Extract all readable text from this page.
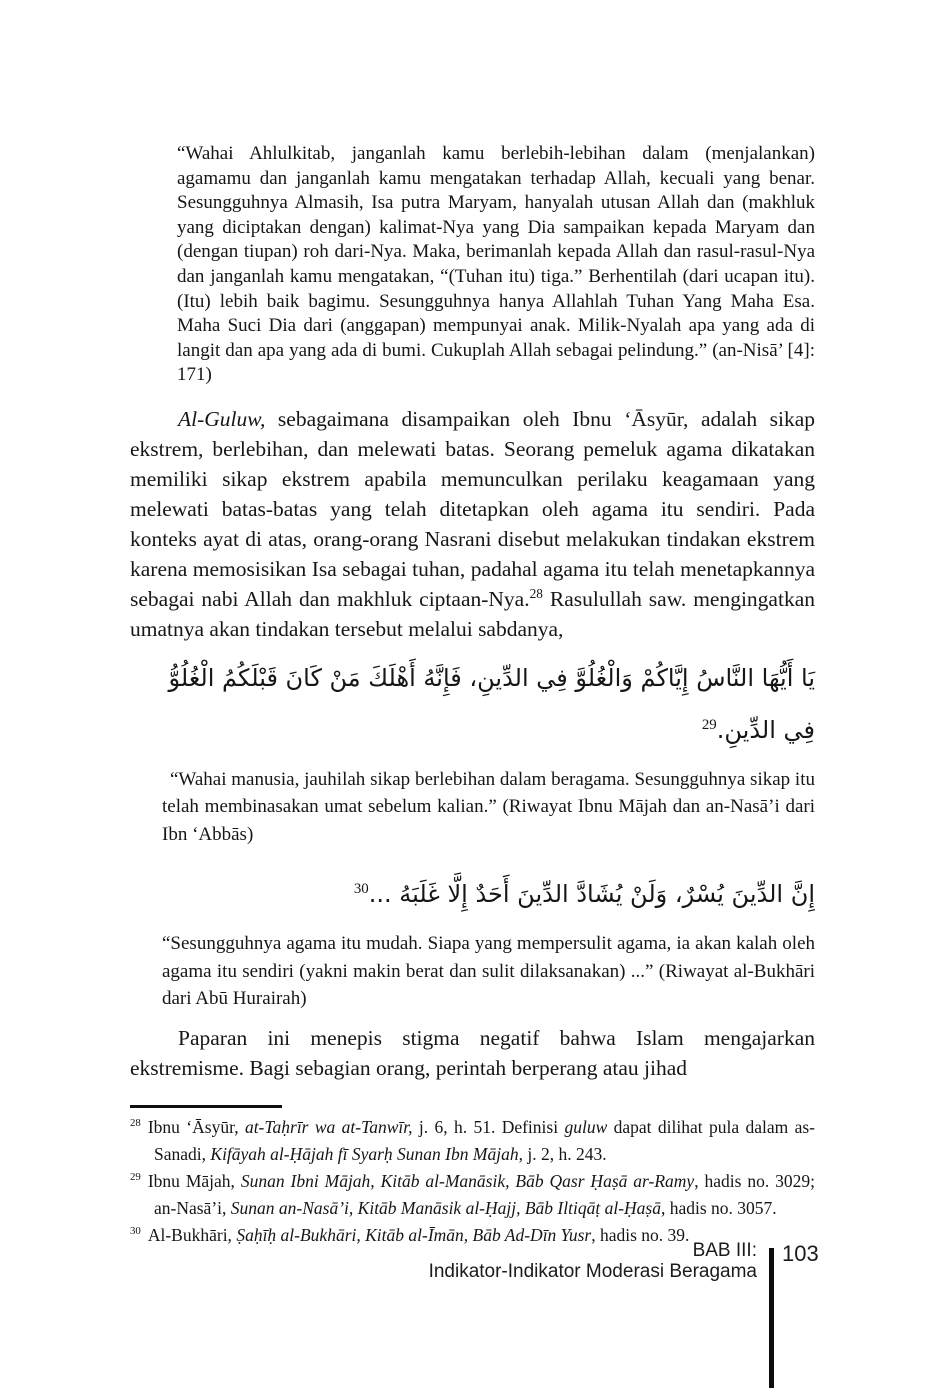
“Wahai Ahlulkitab, janganlah kamu berlebih-lebihan dalam (menjalankan) agamamu dan janganlah kamu mengatakan terhadap Allah, kecuali yang benar. Sesungguhnya Almasih, Isa putra Maryam, hanyalah utusan Allah dan (makhluk yang diciptakan dengan) kalimat-Nya yang Dia sampaikan kepada Maryam dan (dengan tiupan) roh dari-Nya. Maka, berimanlah kepada Allah dan rasul-rasul-Nya dan janganlah kamu mengatakan, “(Tuhan itu) tiga.” Berhentilah (dari ucapan itu). (Itu) lebih baik bagimu. Sesungguhnya hanya Allahlah Tuhan Yang Maha Esa. Maha Suci Dia dari (anggapan) mempunyai anak. Milik-Nyalah apa yang ada di langit dan apa yang ada di bumi. Cukuplah Allah sebagai pelindung.” (an-Nisā’ [4]: 171)

Al-Guluw, sebagaimana disampaikan oleh Ibnu ‘Āsyūr, adalah sikap ekstrem, berlebihan, dan melewati batas. Seorang pemeluk agama dikatakan memiliki sikap ekstrem apabila memunculkan perilaku keagamaan yang melewati batas-batas yang telah ditetapkan oleh agama itu sendiri. Pada konteks ayat di atas, orang-orang Nasrani disebut melakukan tindakan ekstrem karena memosisikan Isa sebagai tuhan, padahal agama itu telah menetapkannya sebagai nabi Allah dan makhluk ciptaan-Nya.$^{28}$ Rasulullah saw. mengingatkan umatnya akan tindakan tersebut melalui sabdanya,

يَا أَيُّهَا النَّاسُ إِيَّاكُمْ وَالْغُلُوَّ فِي الدِّينِ، فَإِنَّهُ أَهْلَكَ مَنْ كَانَ قَبْلَكُمُ الْغُلُوُّ فِي الدِّينِ.$^{29}$

“Wahai manusia, jauhilah sikap berlebihan dalam beragama. Sesungguhnya sikap itu telah membinasakan umat sebelum kalian.” (Riwayat Ibnu Mājah dan an-Nasā’i dari Ibn ‘Abbās)

إِنَّ الدِّينَ يُسْرٌ، وَلَنْ يُشَادَّ الدِّينَ أَحَدٌ إِلَّا غَلَبَهُ ...$^{30}$

“Sesungguhnya agama itu mudah. Siapa yang mempersulit agama, ia akan kalah oleh agama itu sendiri (yakni makin berat dan sulit dilaksanakan) ...” (Riwayat al-Bukhāri dari Abū Hurairah)

Paparan ini menepis stigma negatif bahwa Islam mengajarkan ekstremisme. Bagi sebagian orang, perintah berperang atau jihad

$^{28}$ Ibnu ‘Āsyūr, at-Taḥrīr wa at-Tanwīr, j. 6, h. 51. Definisi guluw dapat dilihat pula dalam as-Sanadi, Kifāyah al-Ḥājah fī Syarḥ Sunan Ibn Mājah, j. 2, h. 243.
$^{29}$ Ibnu Mājah, Sunan Ibni Mājah, Kitāb al-Manāsik, Bāb Qasr Ḥaṣā ar-Ramy, hadis no. 3029; an-Nasā’i, Sunan an-Nasā’i, Kitāb Manāsik al-Ḥajj, Bāb Iltiqāṭ al-Ḥaṣā, hadis no. 3057.
$^{30}$ Al-Bukhāri, Ṣaḥīḥ al-Bukhāri, Kitāb al-Īmān, Bāb Ad-Dīn Yusr, hadis no. 39.
BAB III:
Indikator-Indikator Moderasi Beragama
103
